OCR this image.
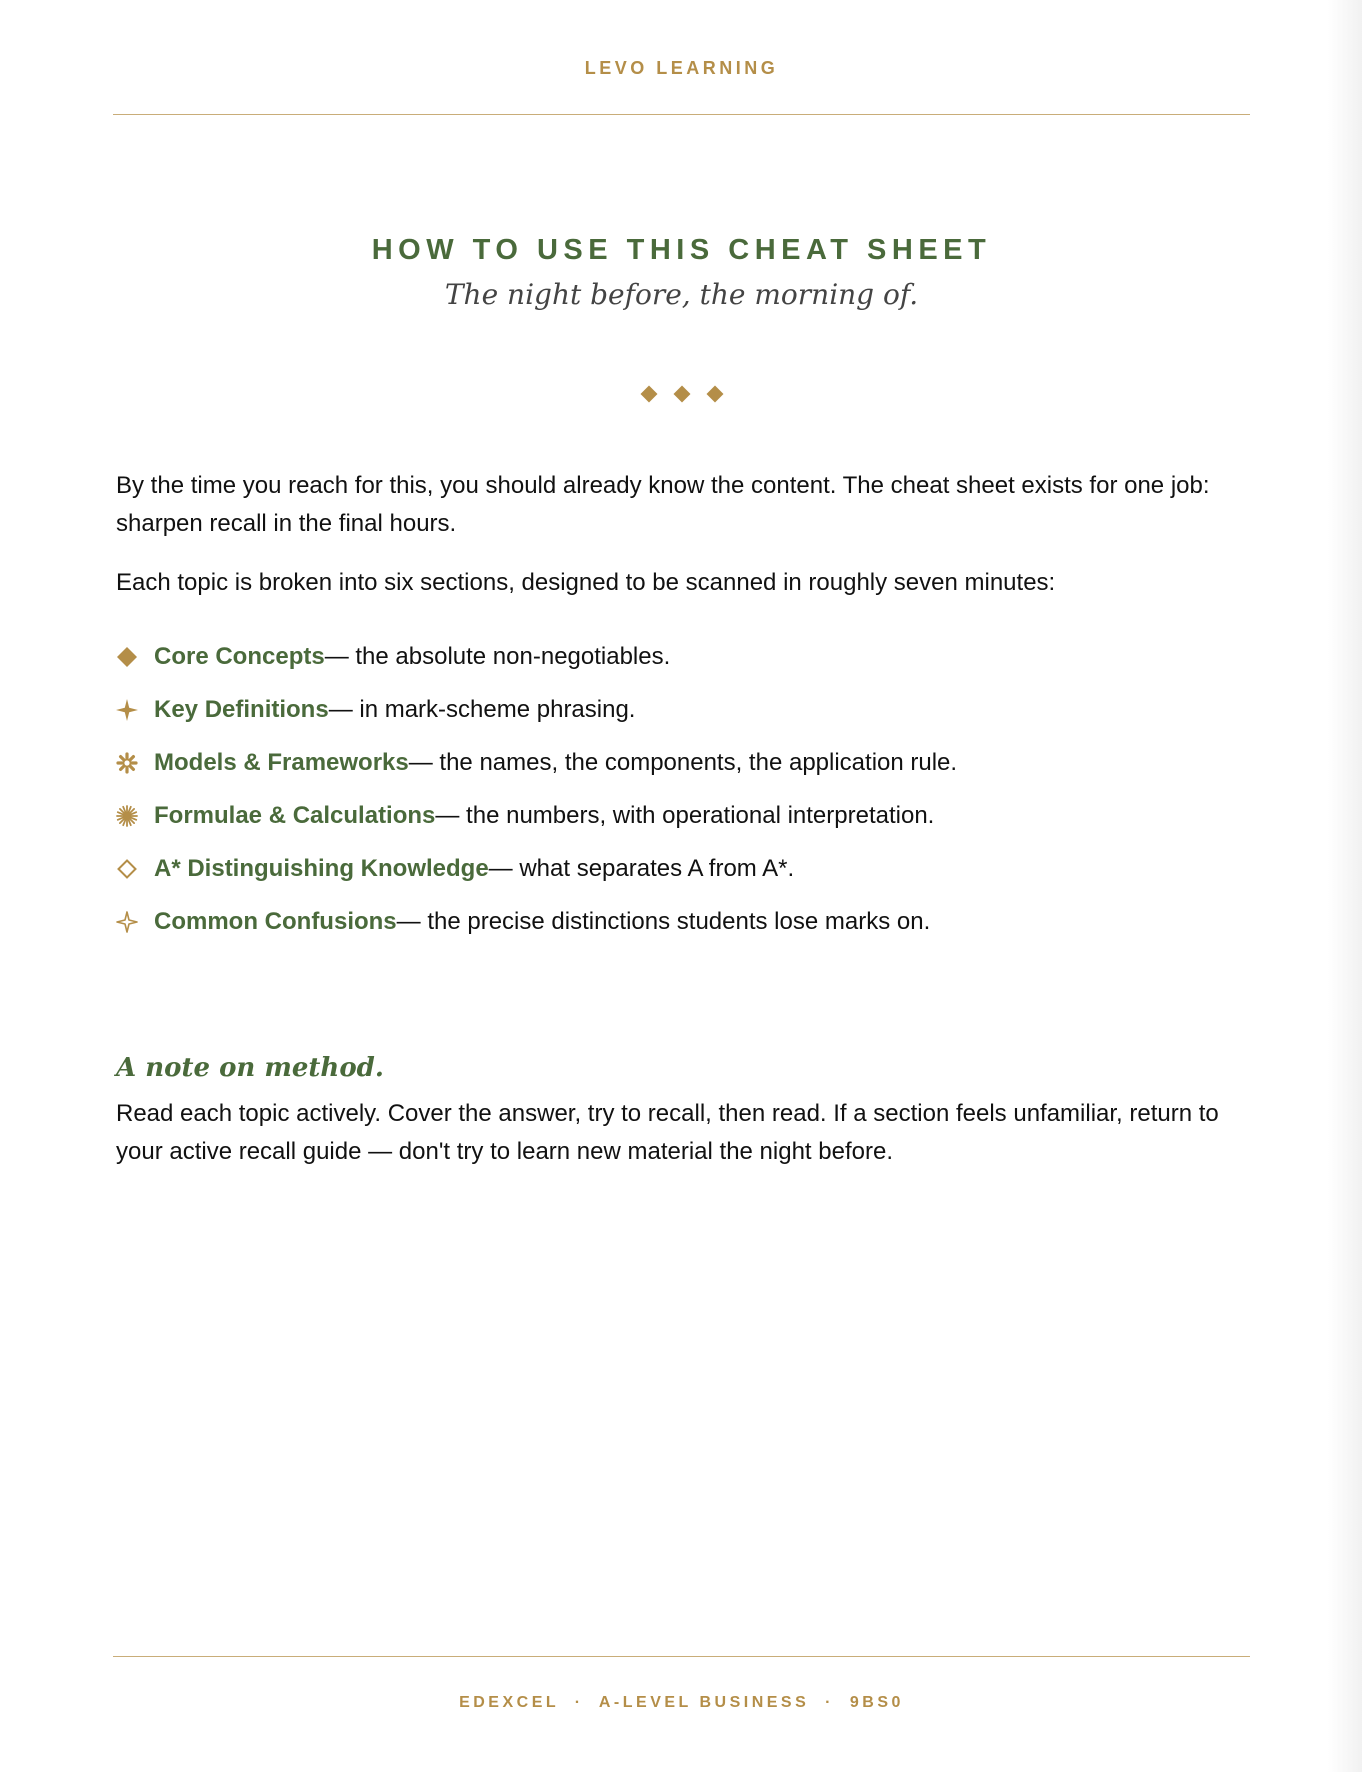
LEVO LEARNING
HOW TO USE THIS CHEAT SHEET
The night before, the morning of.

By the time you reach for this, you should already know the content. The cheat sheet exists for one job: sharpen recall in the final hours.

Each topic is broken into six sections, designed to be scanned in roughly seven minutes:

Core Concepts — the absolute non-negotiables.
Key Definitions — in mark-scheme phrasing.
Models & Frameworks — the names, the components, the application rule.
Formulae & Calculations — the numbers, with operational interpretation.
A* Distinguishing Knowledge — what separates A from A*.
Common Confusions — the precise distinctions students lose marks on.
A note on method.

Read each topic actively. Cover the answer, try to recall, then read. If a section feels unfamiliar, return to your active recall guide — don't try to learn new material the night before.

EDEXCEL  ·  A-LEVEL BUSINESS  ·  9BS0
